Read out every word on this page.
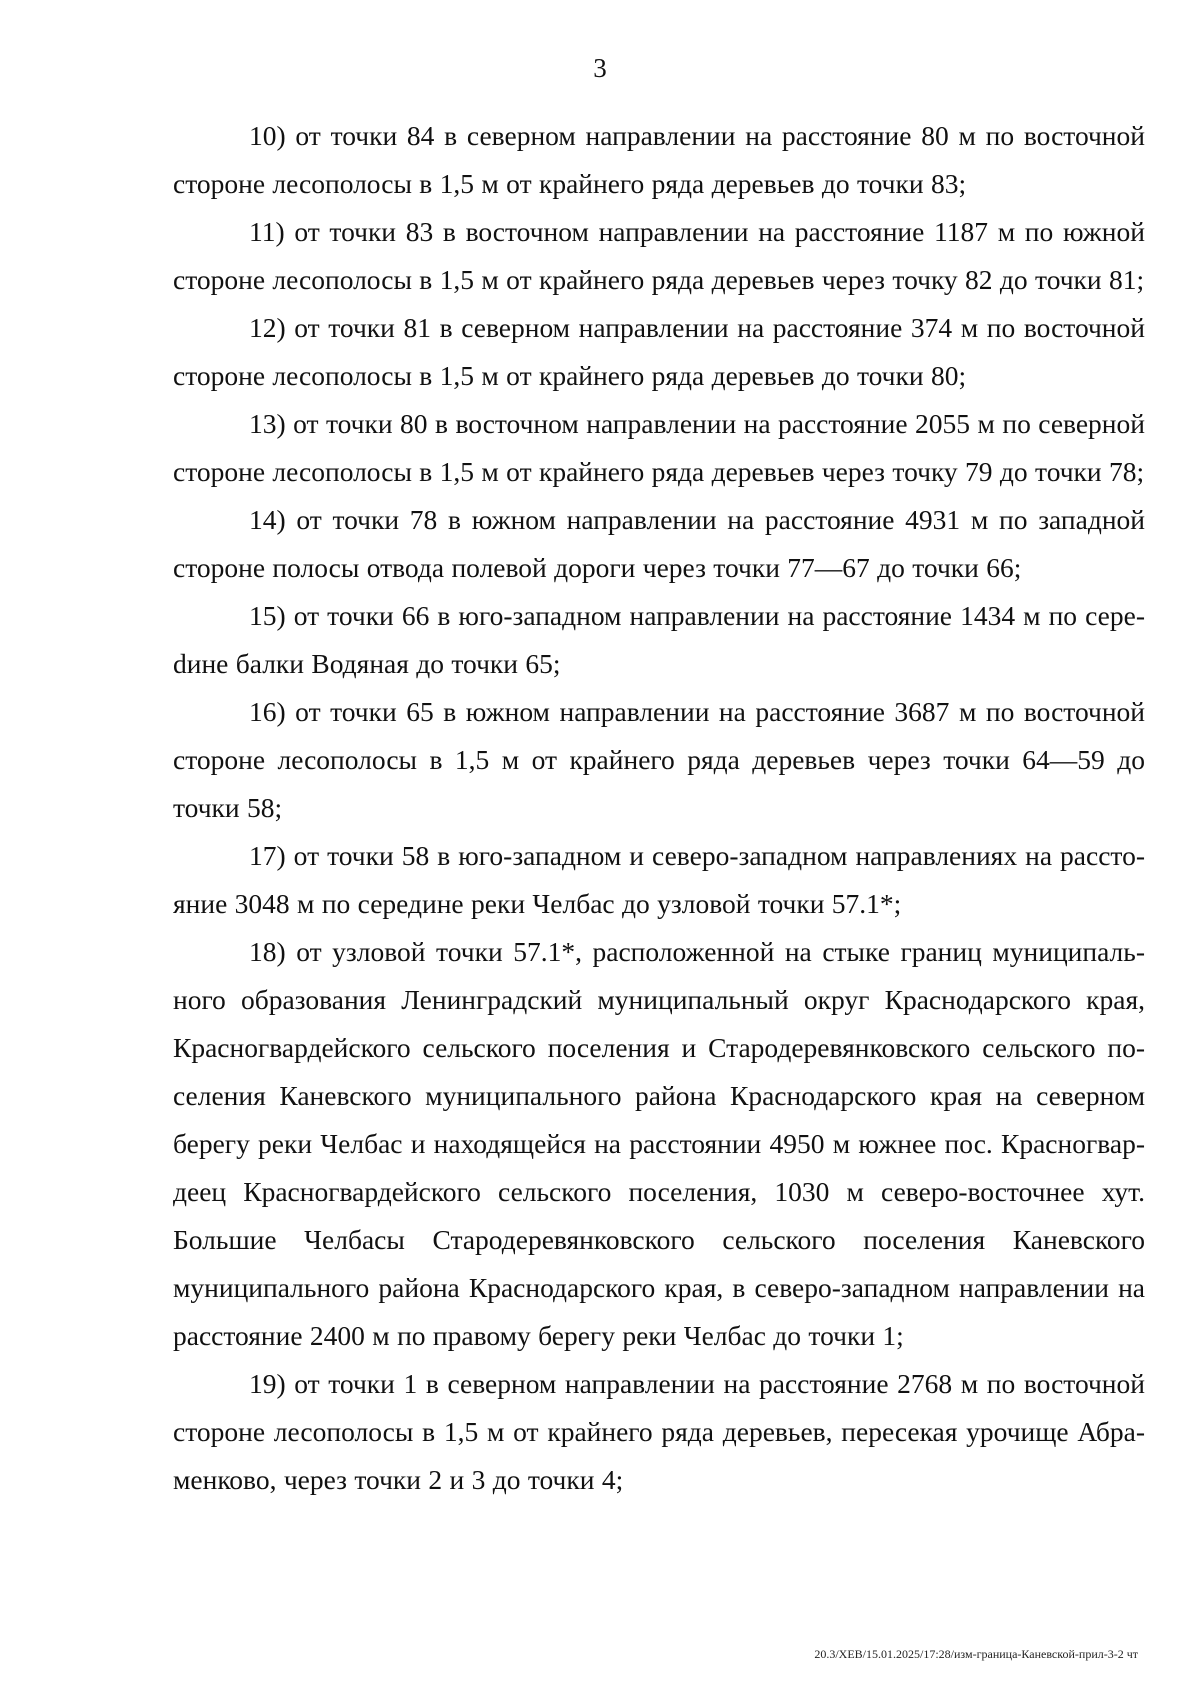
3

10) от точки 84 в северном направлении на расстояние 80 м по восточной стороне лесополосы в 1,5 м от крайнего ряда деревьев до точки 83;

11) от точки 83 в восточном направлении на расстояние 1187 м по южной стороне лесополосы в 1,5 м от крайнего ряда деревьев через точку 82 до точки 81;

12) от точки 81 в северном направлении на расстояние 374 м по восточной стороне лесополосы в 1,5 м от крайнего ряда деревьев до точки 80;

13) от точки 80 в восточном направлении на расстояние 2055 м по северной стороне лесополосы в 1,5 м от крайнего ряда деревьев через точку 79 до точки 78;

14) от точки 78 в южном направлении на расстояние 4931 м по западной стороне полосы отвода полевой дороги через точки 77—67 до точки 66;

15) от точки 66 в юго-западном направлении на расстояние 1434 м по сереdине балки Водяная до точки 65;

16) от точки 65 в южном направлении на расстояние 3687 м по восточной стороне лесополосы в 1,5 м от крайнего ряда деревьев через точки 64—59 до точки 58;

17) от точки 58 в юго-западном и северо-западном направлениях на расстояние 3048 м по середине реки Челбас до узловой точки 57.1*;

18) от узловой точки 57.1*, расположенной на стыке границ муниципального образования Ленинградский муниципальный округ Краснодарского края, Красногвардейского сельского поселения и Стародеревянковского сельского поселения Каневского муниципального района Краснодарского края на северном берегу реки Челбас и находящейся на расстоянии 4950 м южнее пос. Красногвардеец Красногвардейского сельского поселения, 1030 м северо-восточнее хут. Большие Челбасы Стародеревянковского сельского поселения Каневского муниципального района Краснодарского края, в северо-западном направлении на расстояние 2400 м по правому берегу реки Челбас до точки 1;

19) от точки 1 в северном направлении на расстояние 2768 м по восточной стороне лесополосы в 1,5 м от крайнего ряда деревьев, пересекая урочище Абраменково, через точки 2 и 3 до точки 4;

20.3/ХЕВ/15.01.2025/17:28/изм-граница-Каневской-прил-3-2 чт
